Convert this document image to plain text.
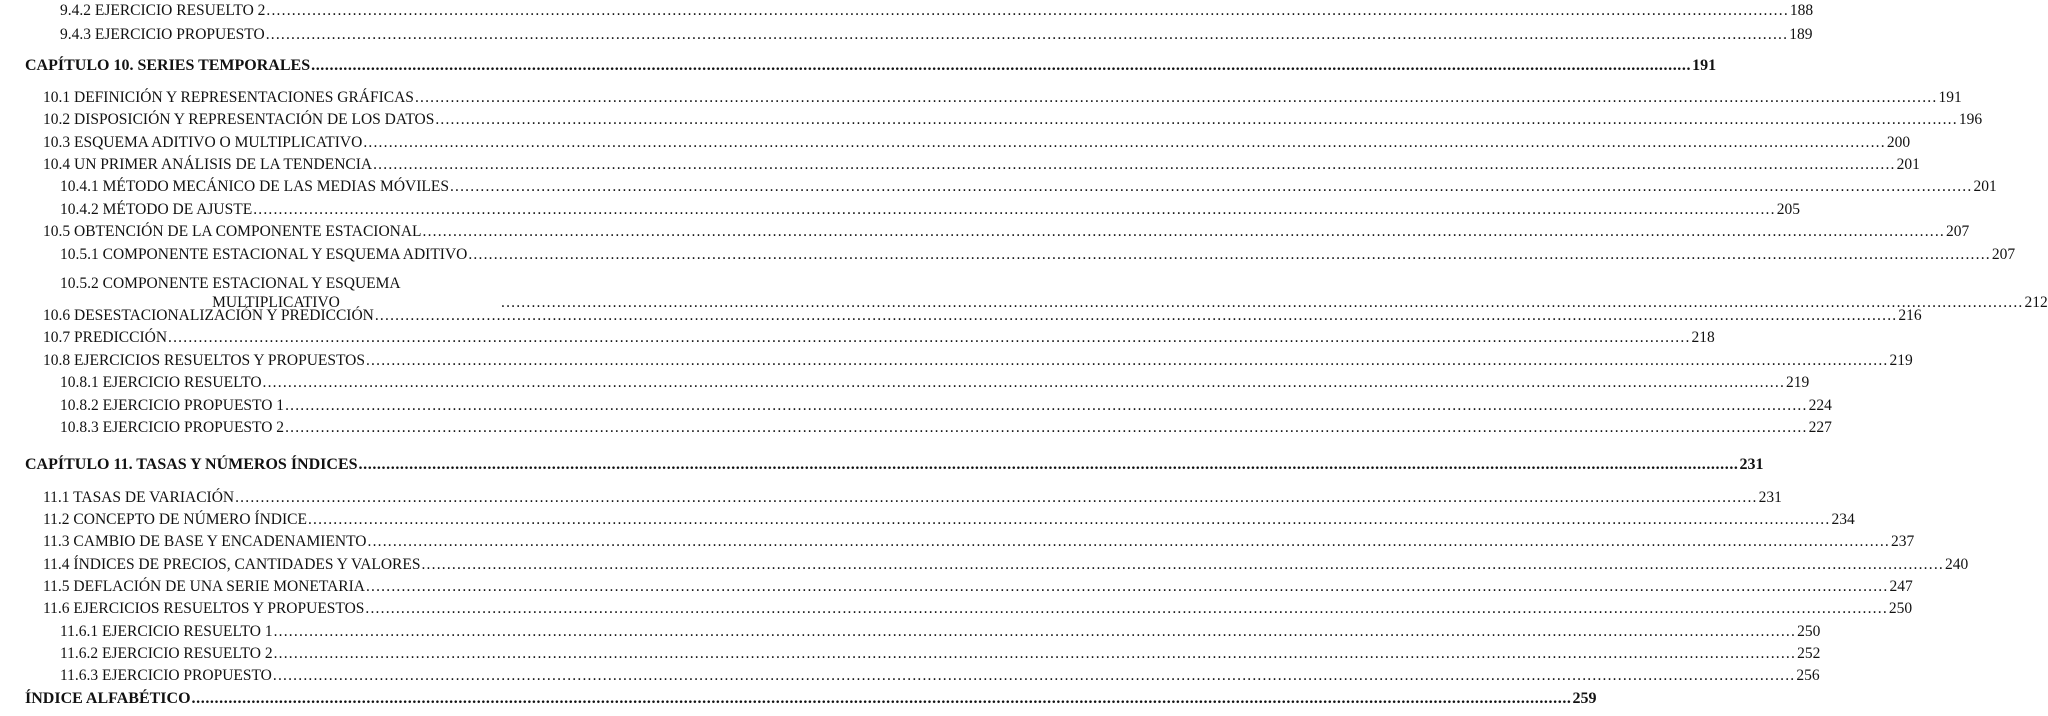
9.4.2 EJERCICIO RESUELTO 2 ............................................................................................................................................................................................................................................................................................................ 188
9.4.3 EJERCICIO PROPUESTO ............................................................................................................................................................................................................................................................................................................ 189
CAPÍTULO 10. SERIES TEMPORALES ............................................................................................................................................................................................................................................................................................................ 191
10.1 DEFINICIÓN Y REPRESENTACIONES GRÁFICAS ............................................................................................................................................................................................................................................................................................................ 191
10.2 DISPOSICIÓN Y REPRESENTACIÓN DE LOS DATOS ............................................................................................................................................................................................................................................................................................................ 196
10.3 ESQUEMA ADITIVO O MULTIPLICATIVO ............................................................................................................................................................................................................................................................................................................ 200
10.4 UN PRIMER ANÁLISIS DE LA TENDENCIA ............................................................................................................................................................................................................................................................................................................ 201
10.4.1 MÉTODO MECÁNICO DE LAS MEDIAS MÓVILES ............................................................................................................................................................................................................................................................................................................ 201
10.4.2 MÉTODO DE AJUSTE ............................................................................................................................................................................................................................................................................................................ 205
10.5 OBTENCIÓN DE LA COMPONENTE ESTACIONAL ............................................................................................................................................................................................................................................................................................................ 207
10.5.1 COMPONENTE ESTACIONAL Y ESQUEMA ADITIVO ............................................................................................................................................................................................................................................................................................................ 207
10.5.2 COMPONENTE ESTACIONAL Y ESQUEMA
MULTIPLICATIVO	............................................................................................................................................................................................................................................................................................................ 212
10.6 DESESTACIONALIZACIÓN Y PREDICCIÓN ............................................................................................................................................................................................................................................................................................................ 216
10.7 PREDICCIÓN ............................................................................................................................................................................................................................................................................................................ 218
10.8 EJERCICIOS RESUELTOS Y PROPUESTOS ............................................................................................................................................................................................................................................................................................................ 219
10.8.1 EJERCICIO RESUELTO ............................................................................................................................................................................................................................................................................................................ 219
10.8.2 EJERCICIO PROPUESTO 1 ............................................................................................................................................................................................................................................................................................................ 224
10.8.3 EJERCICIO PROPUESTO 2 ............................................................................................................................................................................................................................................................................................................ 227
CAPÍTULO 11. TASAS Y NÚMEROS ÍNDICES ............................................................................................................................................................................................................................................................................................................ 231
11.1 TASAS DE VARIACIÓN ............................................................................................................................................................................................................................................................................................................ 231
11.2 CONCEPTO DE NÚMERO ÍNDICE ............................................................................................................................................................................................................................................................................................................ 234
11.3 CAMBIO DE BASE Y ENCADENAMIENTO ............................................................................................................................................................................................................................................................................................................ 237
11.4 ÍNDICES DE PRECIOS, CANTIDADES Y VALORES ............................................................................................................................................................................................................................................................................................................ 240
11.5 DEFLACIÓN DE UNA SERIE MONETARIA ............................................................................................................................................................................................................................................................................................................ 247
11.6 EJERCICIOS RESUELTOS Y PROPUESTOS ............................................................................................................................................................................................................................................................................................................ 250
11.6.1 EJERCICIO RESUELTO 1 ............................................................................................................................................................................................................................................................................................................ 250
11.6.2 EJERCICIO RESUELTO 2 ............................................................................................................................................................................................................................................................................................................ 252
11.6.3 EJERCICIO PROPUESTO ............................................................................................................................................................................................................................................................................................................ 256
ÍNDICE ALFABÉTICO ............................................................................................................................................................................................................................................................................................................ 259
